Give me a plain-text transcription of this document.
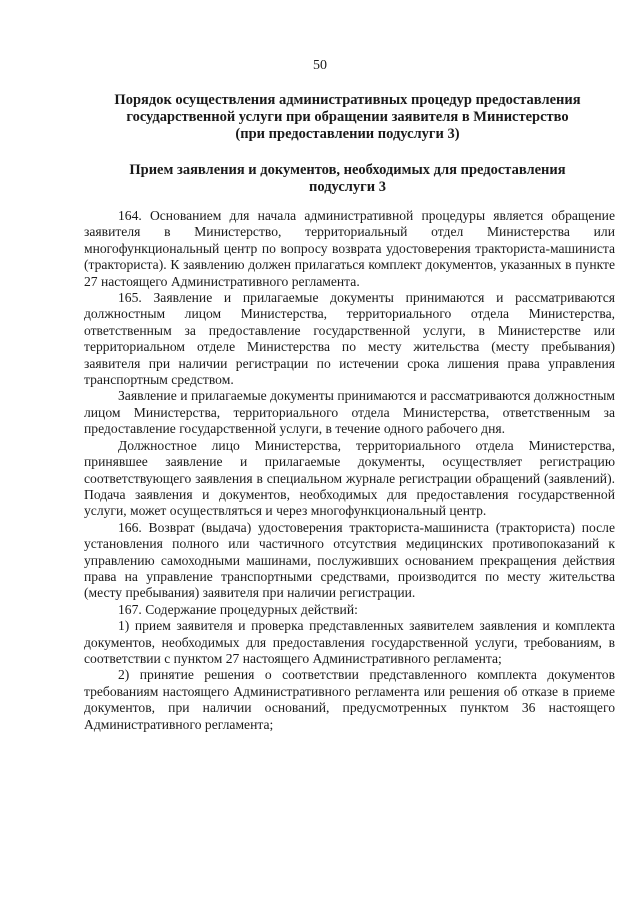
50
Порядок осуществления административных процедур предоставления
государственной услуги при обращении заявителя в Министерство
(при предоставлении подуслуги 3)
Прием заявления и документов, необходимых для предоставления
подуслуги 3

164. Основанием для начала административной процедуры является обращение заявителя в Министерство, территориальный отдел Министерства или многофункциональный центр по вопросу возврата удостоверения тракториста-машиниста (тракториста). К заявлению должен прилагаться комплект документов, указанных в пункте 27 настоящего Административного регламента.

165. Заявление и прилагаемые документы принимаются и рассматриваются должностным лицом Министерства, территориального отдела Министерства, ответственным за предоставление государственной услуги, в Министерстве или территориальном отделе Министерства по месту жительства (месту пребывания) заявителя при наличии регистрации по истечении срока лишения права управления транспортным средством.

Заявление и прилагаемые документы принимаются и рассматриваются должностным лицом Министерства, территориального отдела Министерства, ответственным за предоставление государственной услуги, в течение одного рабочего дня.

Должностное лицо Министерства, территориального отдела Министерства, принявшее заявление и прилагаемые документы, осуществляет регистрацию соответствующего заявления в специальном журнале регистрации обращений (заявлений). Подача заявления и документов, необходимых для предоставления государственной услуги, может осуществляться и через многофункциональный центр.

166. Возврат (выдача) удостоверения тракториста-машиниста (тракториста) после установления полного или частичного отсутствия медицинских противопоказаний к управлению самоходными машинами, послуживших основанием прекращения действия права на управление транспортными средствами, производится по месту жительства (месту пребывания) заявителя при наличии регистрации.

167. Содержание процедурных действий:

1) прием заявителя и проверка представленных заявителем заявления и комплекта документов, необходимых для предоставления государственной услуги, требованиям, в соответствии с пунктом 27 настоящего Административного регламента;

2) принятие решения о соответствии представленного комплекта документов требованиям настоящего Административного регламента или решения об отказе в приеме документов, при наличии оснований, предусмотренных пунктом 36 настоящего Административного регламента;
